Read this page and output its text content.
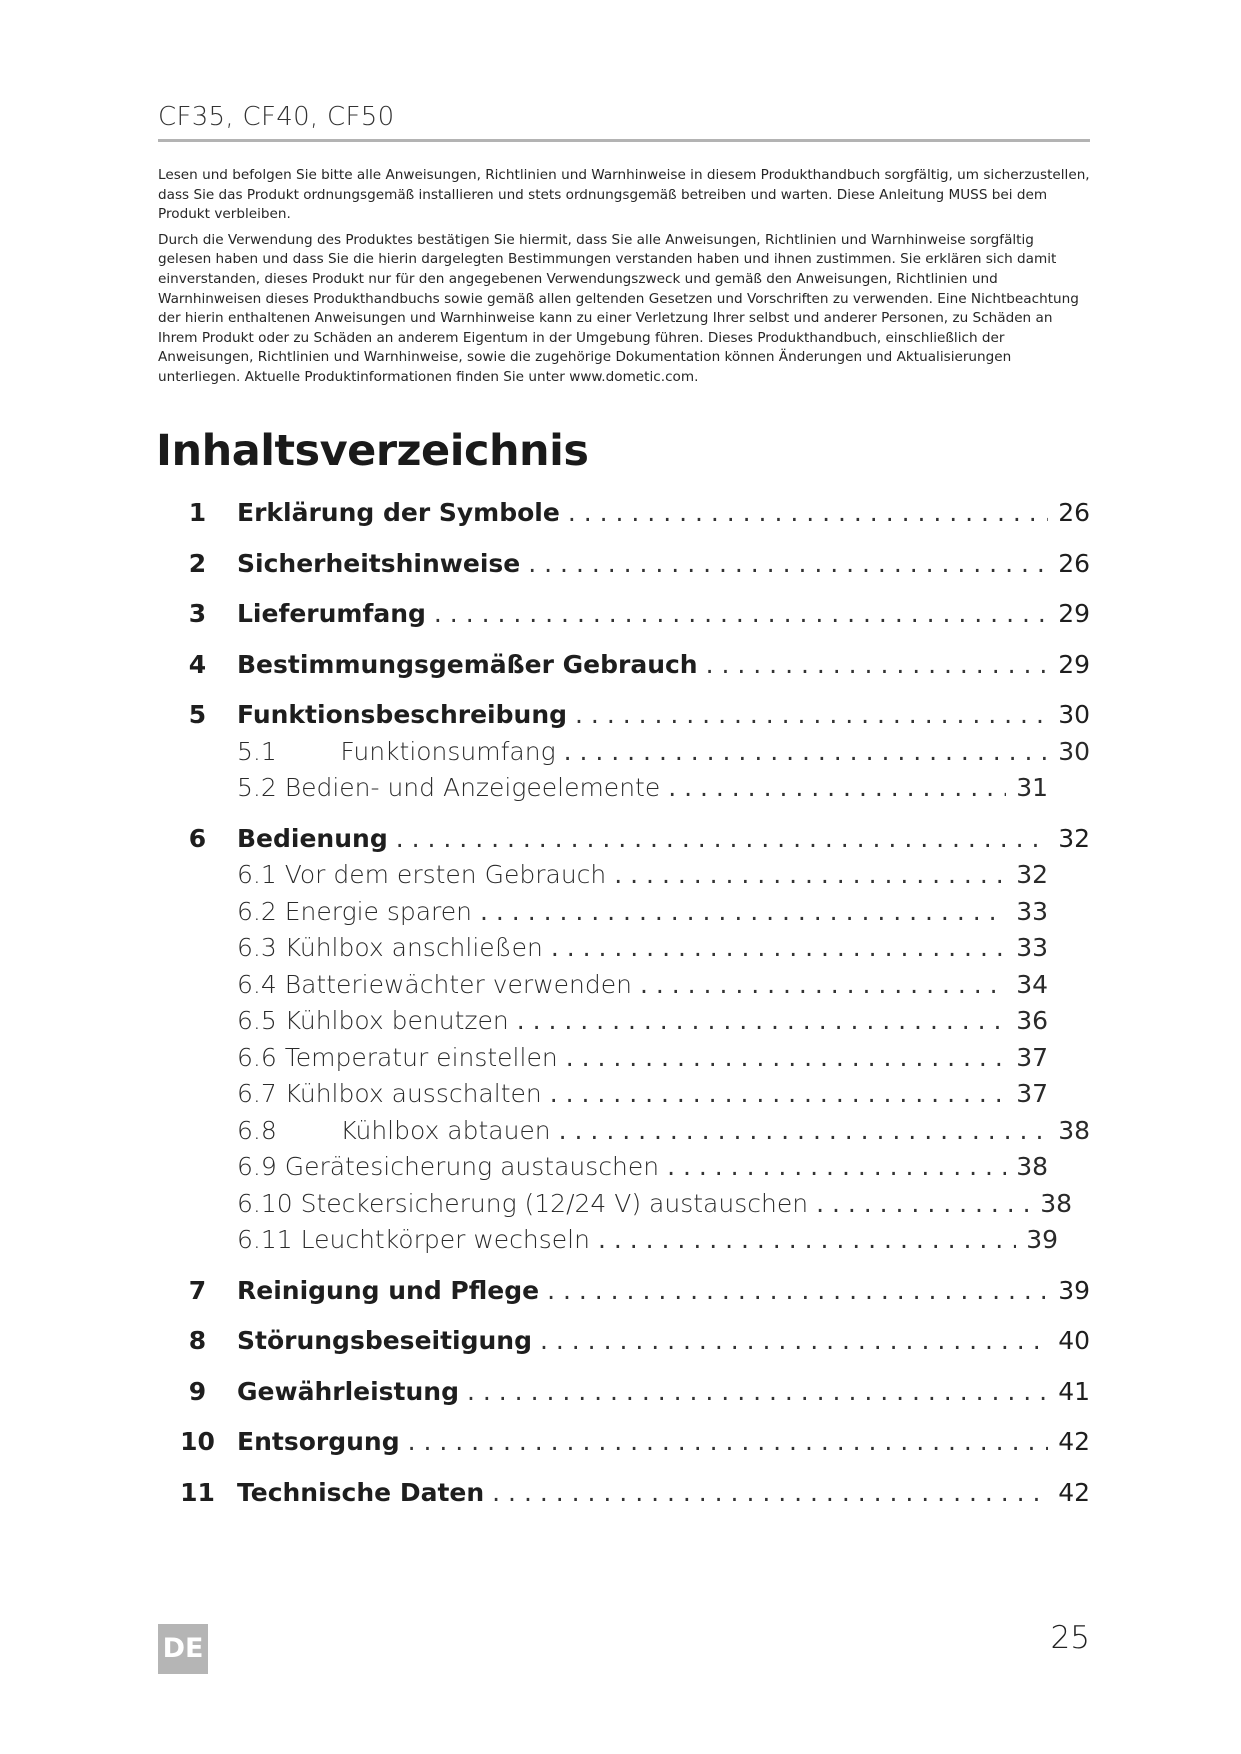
CF35, CF40, CF50

Lesen und befolgen Sie bitte alle Anweisungen, Richtlinien und Warnhinweise in diesem Produkthandbuch sorgfältig, um sicherzustellen, dass Sie das Produkt ordnungsgemäß installieren und stets ordnungsgemäß betreiben und warten. Diese Anleitung MUSS bei dem Produkt verbleiben.

Durch die Verwendung des Produktes bestätigen Sie hiermit, dass Sie alle Anweisungen, Richtlinien und Warnhinweise sorgfältig gelesen haben und dass Sie die hierin dargelegten Bestimmungen verstanden haben und ihnen zustimmen. Sie erklären sich damit einverstanden, dieses Produkt nur für den angegebenen Verwendungszweck und gemäß den Anweisungen, Richtlinien und Warnhinweisen dieses Produkthandbuchs sowie gemäß allen geltenden Gesetzen und Vorschriften zu verwenden. Eine Nichtbeachtung der hierin enthaltenen Anweisungen und Warnhinweise kann zu einer Verletzung Ihrer selbst und anderer Personen, zu Schäden an Ihrem Produkt oder zu Schäden an anderem Eigentum in der Umgebung führen. Dieses Produkthandbuch, einschließlich der Anweisungen, Richtlinien und Warnhinweise, sowie die zugehörige Dokumentation können Änderungen und Aktualisierungen unterliegen. Aktuelle Produktinformationen finden Sie unter www.dometic.com.

Inhaltsverzeichnis
1	Erklärung der Symbole . . .	26
2	Sicherheitshinweise . . .	26
3	Lieferumfang . . .	29
4	Bestimmungsgemäßer Gebrauch . . .	29
5	Funktionsbeschreibung . . .	30
5.1        Funktionsumfang . . .	30
5.2 Bedien- und Anzeigeelemente . . .	31
6	Bedienung . . .	32
6.1 Vor dem ersten Gebrauch . . .	32
6.2 Energie sparen . . .	33
6.3 Kühlbox anschließen . . .	33
6.4 Batteriewächter verwenden . . .	34
6.5 Kühlbox benutzen . . .	36
6.6 Temperatur einstellen . . .	37
6.7 Kühlbox ausschalten . . .	37
6.8        Kühlbox abtauen . . .	38
6.9 Gerätesicherung austauschen . . .	38
6.10 Steckersicherung (12/24 V) austauschen . . .	38
6.11 Leuchtkörper wechseln . . .	39
7	Reinigung und Pflege . . .	39
8	Störungsbeseitigung . . .	40
9	Gewährleistung . . .	41
10 Entsorgung . . .	42
11 Technische Daten . . .	42
DE	25
